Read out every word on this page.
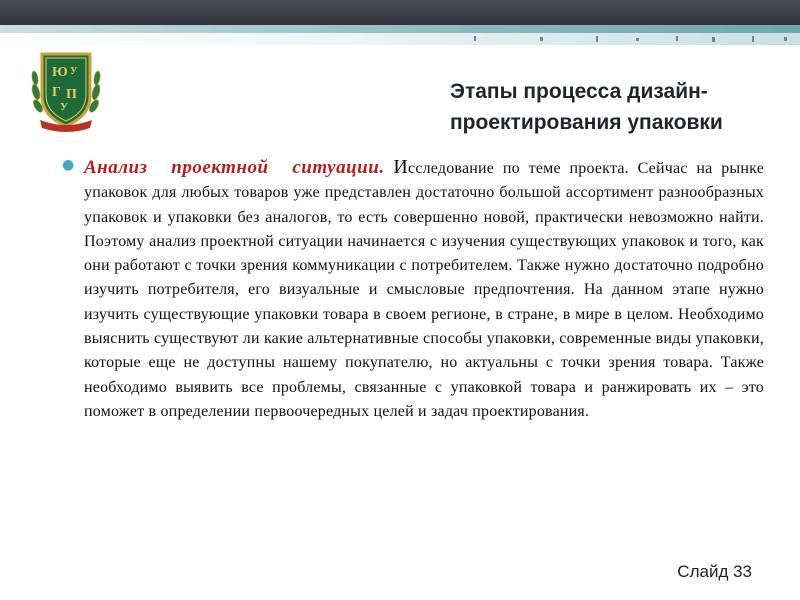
Ю У
Г П
У
Этапы процесса дизайн-
проектирования упаковки
● Анализ проектной ситуации. Исследование по теме проекта. Сейчас на рынке упаковок для любых товаров уже представлен достаточно большой ассортимент разнообразных упаковок и упаковки без аналогов, то есть совершенно новой, практически невозможно найти. Поэтому анализ проектной ситуации начинается с изучения существующих упаковок и того, как они работают с точки зрения коммуникации с потребителем. Также нужно достаточно подробно изучить потребителя, его визуальные и смысловые предпочтения. На данном этапе нужно изучить существующие упаковки товара в своем регионе, в стране, в мире в целом. Необходимо выяснить существуют ли какие альтернативные способы упаковки, современные виды упаковки, которые еще не доступны нашему покупателю, но актуальны с точки зрения товара. Также необходимо выявить все проблемы, связанные с упаковкой товара и ранжировать их – это поможет в определении первоочередных целей и задач проектирования.

Слайд 33
